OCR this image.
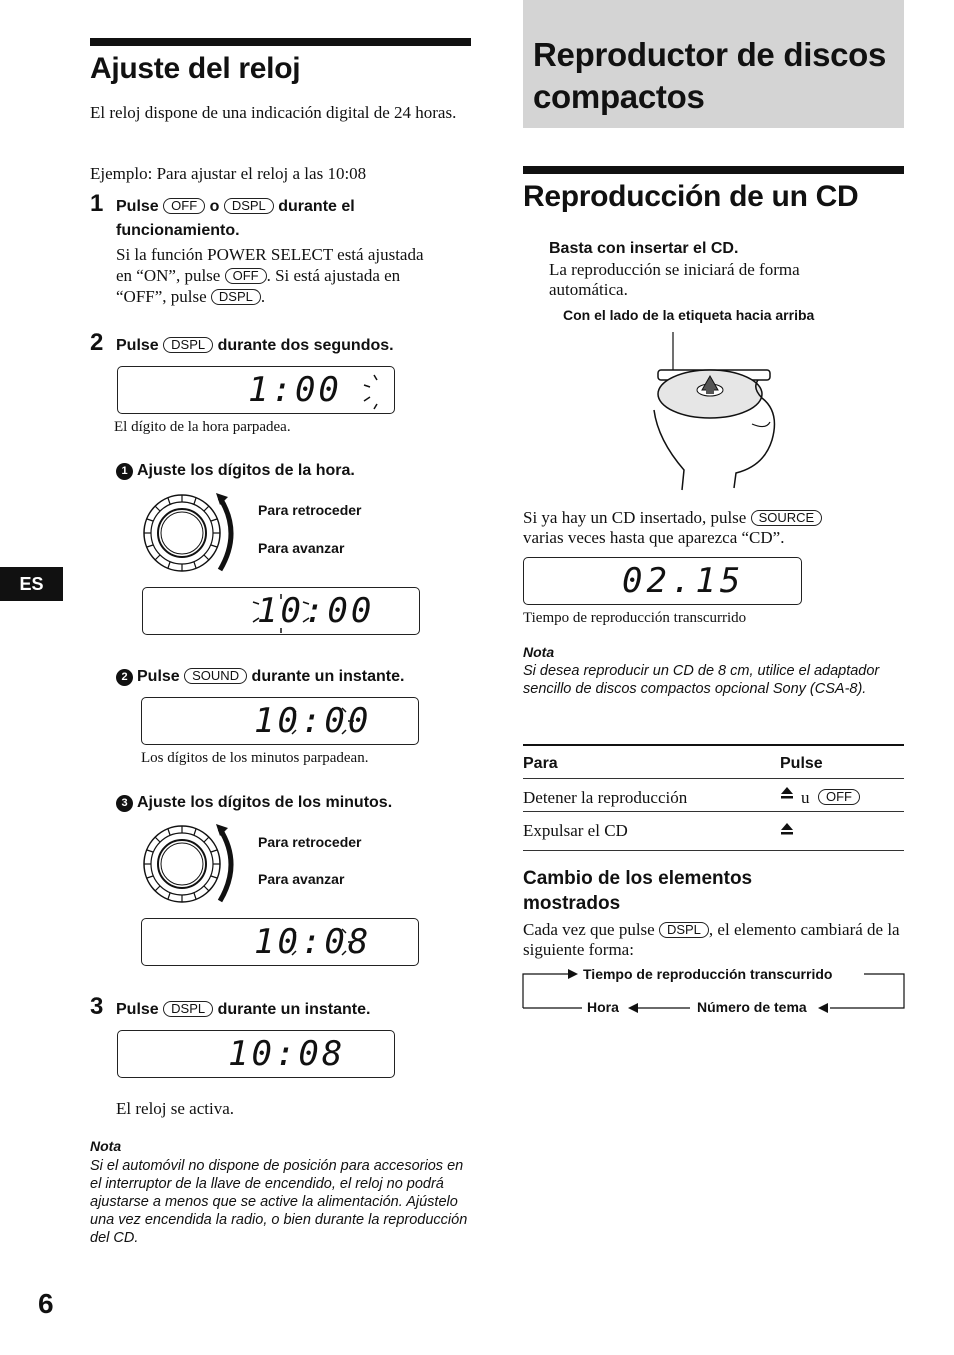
Ajuste del reloj
El reloj dispone de una indicación digital de 24 horas.
Ejemplo: Para ajustar el reloj a las 10:08
1 Pulse OFF o DSPL durante el
funcionamiento.
Si la función POWER SELECT está ajustada
en “ON”, pulse OFF . Si está ajustada en
“OFF”, pulse DSPL .
2 Pulse DSPL durante dos segundos.
1:00
El dígito de la hora parpadea.
1 Ajuste los dígitos de la hora.
Para retroceder
Para avanzar
10:00
2 Pulse SOUND durante un instante.
10:00
Los dígitos de los minutos parpadean.
3 Ajuste los dígitos de los minutos.
Para retroceder
Para avanzar
10:08
3 Pulse DSPL durante un instante.
10:08
El reloj se activa.
Nota
Si el automóvil no dispone de posición para accesorios en el interruptor de la llave de encendido, el reloj no podrá ajustarse a menos que se active la alimentación. Ajústelo una vez encendida la radio, o bien durante la reproducción del CD.
ES
6
Reproductor de discos
compactos
Reproducción de un CD
Basta con insertar el CD.
La reproducción se iniciará de forma automática.
Con el lado de la etiqueta hacia arriba
Si ya hay un CD insertado, pulse SOURCE
varias veces hasta que aparezca “CD”.
02.15
Tiempo de reproducción transcurrido
Nota
Si desea reproducir un CD de 8 cm, utilice el adaptador sencillo de discos compactos opcional Sony (CSA-8).
Para	Pulse
Detener la reproducción	u	OFF
Expulsar el CD
Cambio de los elementos mostrados
Cada vez que pulse DSPL , el elemento cambiará de la siguiente forma:
Tiempo de reproducción transcurrido
Hora	Número de tema
